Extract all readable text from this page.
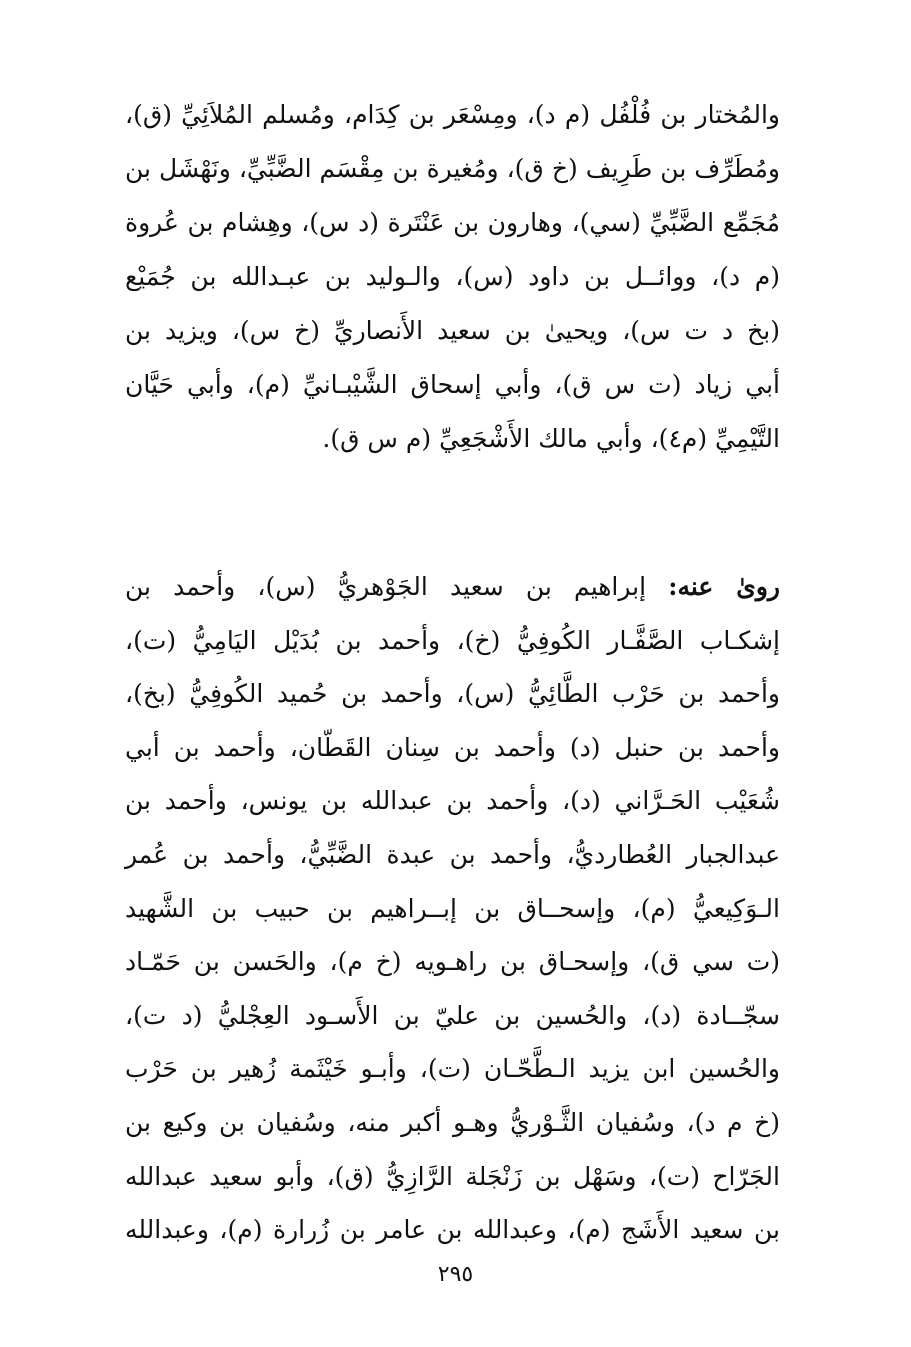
والمُختار بن فُلْفُل (م د)، ومِسْعَر بن كِدَام، ومُسلم المُلاَئِيِّ (ق)،
ومُطَرِّف بن طَرِيف (خ ق)، ومُغيرة بن مِقْسَم الضَّبِّيِّ، ونَهْشَل بن
مُجَمِّع الضَّبِّيِّ (سي)، وهارون بن عَنْتَرة (د س)، وهِشام بن عُروة
(م د)، ووائــل بن داود (س)، والـوليد بن عبـدالله بن جُمَيْع
(بخ د ت س)، ويحيىٰ بن سعيد الأَنصاريِّ (خ س)، ويزيد بن
أبي زياد (ت س ق)، وأبي إسحاق الشَّيْبـانيِّ (م)، وأبي حَيَّان
التَّيْمِيِّ (م٤)، وأبي مالك الأَشْجَعِيِّ (م س ق).
روىٰ عنه: إبراهيم بن سعيد الجَوْهريُّ (س)، وأحمد بن
إشكـاب الصَّفَّـار الكُوفِيُّ (خ)، وأحمد بن بُدَيْل اليَامِيُّ (ت)،
وأحمد بن حَرْب الطَّائِيُّ (س)، وأحمد بن حُميد الكُوفِيُّ (بخ)،
وأحمد بن حنبل (د) وأحمد بن سِنان القَطّان، وأحمد بن أبي
شُعَيْب الحَـرَّاني (د)، وأحمد بن عبدالله بن يونس، وأحمد بن
عبدالجبار العُطارديُّ، وأحمد بن عبدة الضَّبِّيُّ، وأحمد بن عُمر
الـوَكِيعيُّ (م)، وإسحــاق بن إبــراهيم بن حبيب بن الشَّهيد
(ت سي ق)، وإسحـاق بن راهـويه (خ م)، والحَسن بن حَمّـاد
سجّــادة (د)، والحُسين بن عليّ بن الأَسـود العِجْليُّ (د ت)،
والحُسين ابن يزيد الـطَّحّـان (ت)، وأبـو خَيْثَمة زُهير بن حَرْب
(خ م د)، وسُفيان الثَّـوْريُّ وهـو أكبر منه، وسُفيان بن وكيع بن
الجَرّاح (ت)، وسَهْل بن زَنْجَلة الرَّازِيُّ (ق)، وأبو سعيد عبدالله
بن سعيد الأَشَج (م)، وعبدالله بن عامر بن زُرارة (م)، وعبدالله
٢٩٥
